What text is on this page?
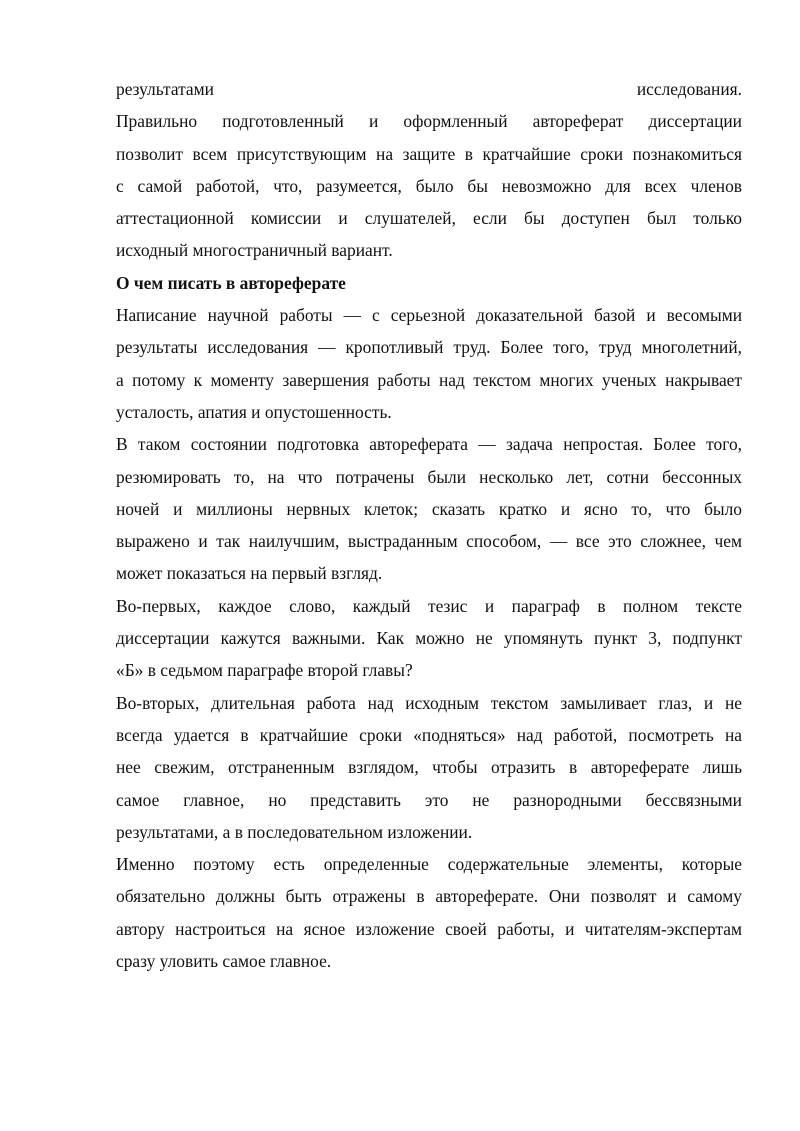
результатами исследования.
Правильно подготовленный и оформленный автореферат диссертации
позволит всем присутствующим на защите в кратчайшие сроки познакомиться
с самой работой, что, разумеется, было бы невозможно для всех членов
аттестационной комиссии и слушателей, если бы доступен был только
исходный многостраничный вариант.
О чем писать в автореферате
Написание научной работы — с серьезной доказательной базой и весомыми
результаты исследования — кропотливый труд. Более того, труд многолетний,
а потому к моменту завершения работы над текстом многих ученых накрывает
усталость, апатия и опустошенность.
В таком состоянии подготовка автореферата — задача непростая. Более того,
резюмировать то, на что потрачены были несколько лет, сотни бессонных
ночей и миллионы нервных клеток; сказать кратко и ясно то, что было
выражено и так наилучшим, выстраданным способом, — все это сложнее, чем
может показаться на первый взгляд.
Во-первых, каждое слово, каждый тезис и параграф в полном тексте
диссертации кажутся важными. Как можно не упомянуть пункт 3, подпункт
«Б» в седьмом параграфе второй главы?
Во-вторых, длительная работа над исходным текстом замыливает глаз, и не
всегда удается в кратчайшие сроки «подняться» над работой, посмотреть на
нее свежим, отстраненным взглядом, чтобы отразить в автореферате лишь
самое главное, но представить это не разнородными бессвязными
результатами, а в последовательном изложении.
Именно поэтому есть определенные содержательные элементы, которые
обязательно должны быть отражены в автореферате. Они позволят и самому
автору настроиться на ясное изложение своей работы, и читателям-экспертам
сразу уловить самое главное.
